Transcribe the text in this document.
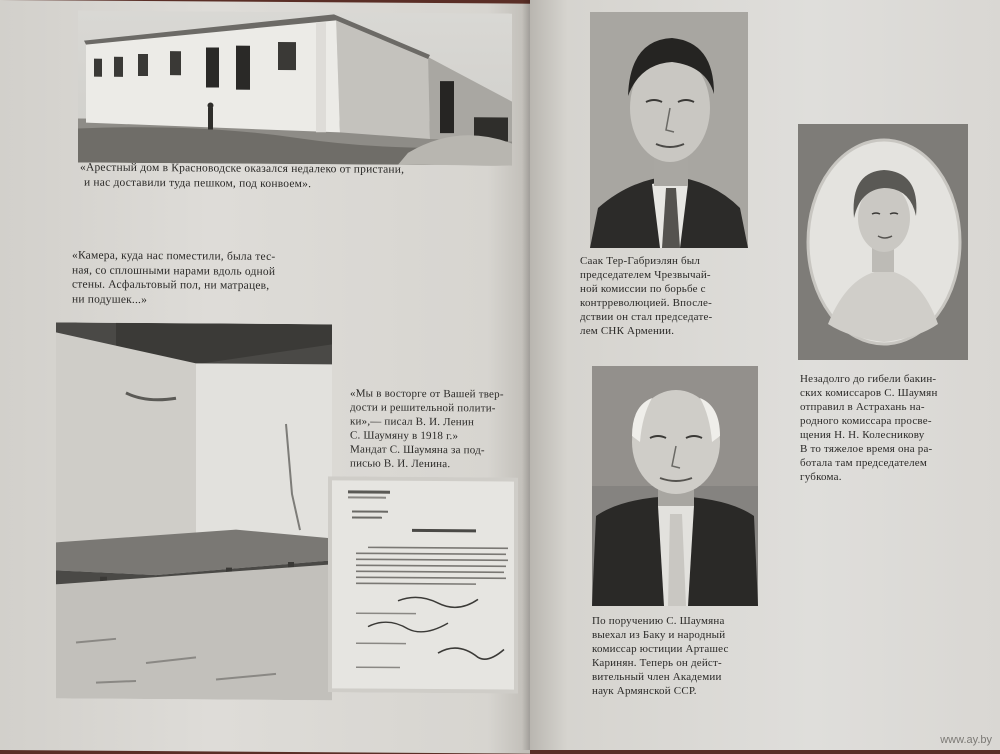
«Арестный дом в Красноводске оказался недалеко от пристани,
и нас доставили туда пешком, под конвоем».
«Камера, куда нас поместили, была тес-
ная, со сплошными нарами вдоль одной
стены. Асфальтовый пол, ни матрацев,
ни подушек...»
«Мы в восторге от Вашей твер-
дости и решительной полити-
ки»,— писал В. И. Ленин
С. Шаумяну в 1918 г.»
Мандат С. Шаумяна за под-
писью В. И. Ленина.
Саак Тер-Габриэлян был
председателем Чрезвычай-
ной комиссии по борьбе с
контрреволюцией. Впосле-
дствии он стал председате-
лем СНК Армении.
Незадолго до гибели бакин-
ских комиссаров С. Шаумян
отправил в Астрахань на-
родного комиссара просве-
щения Н. Н. Колесникову
В то тяжелое время она ра-
ботала там председателем
губкома.
По поручению С. Шаумяна
выехал из Баку и народный
комиссар юстиции Арташес
Каринян. Теперь он дейст-
вительный член Академии
наук Армянской ССР.
www.ay.by
